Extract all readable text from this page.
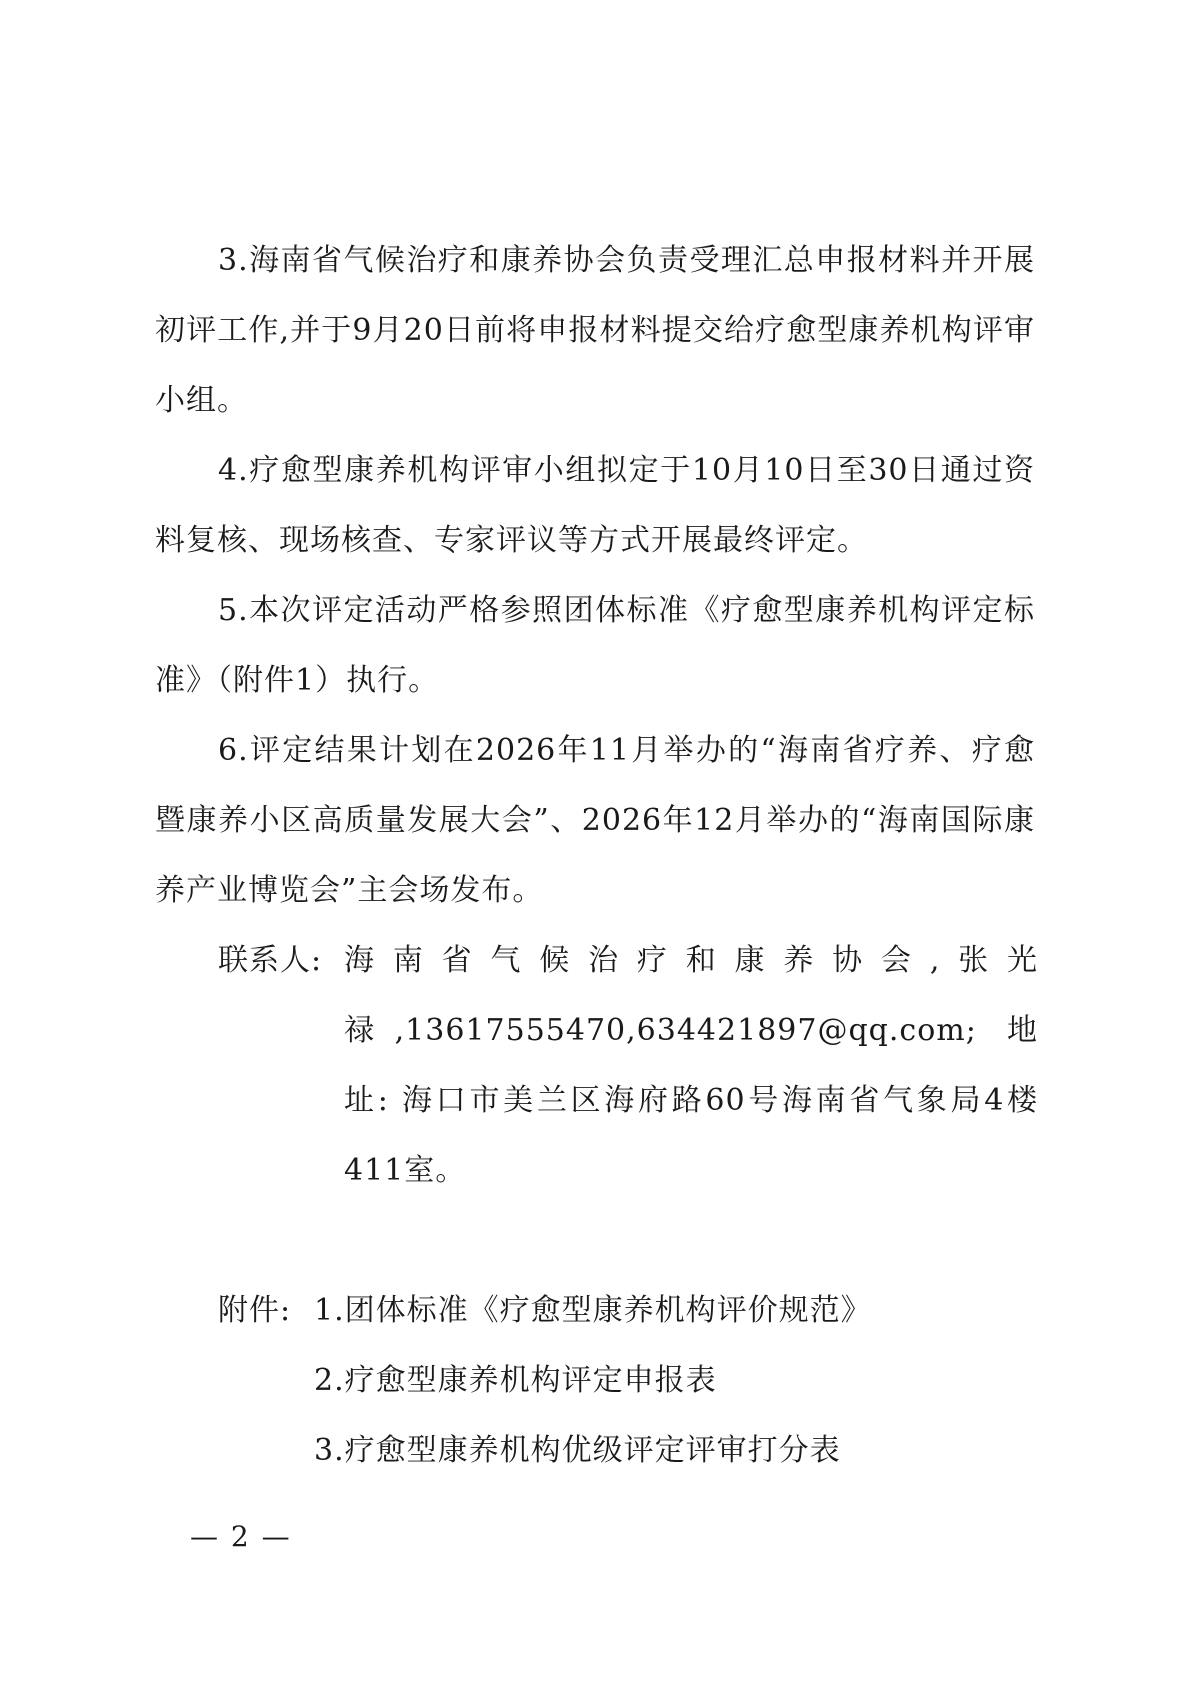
3.海南省气候治疗和康养协会负责受理汇总申报材料并开展初评工作,并于9月20日前将申报材料提交给疗愈型康养机构评审小组。

4.疗愈型康养机构评审小组拟定于10月10日至30日通过资料复核、现场核查、专家评议等方式开展最终评定。

5.本次评定活动严格参照团体标准《疗愈型康养机构评定标准》（附件1）执行。

6.评定结果计划在2026年11月举办的“海南省疗养、疗愈暨康养小区高质量发展大会”、2026年12月举办的“海南国际康养产业博览会”主会场发布。

联系人: 海南省气候治疗和康养协会,张光禄,13617555470,634421897@qq.com; 地址: 海口市美兰区海府路60号海南省气象局4楼411室。
附件: 1.团体标准《疗愈型康养机构评价规范》
2.疗愈型康养机构评定申报表
3.疗愈型康养机构优级评定评审打分表
— 2 —
